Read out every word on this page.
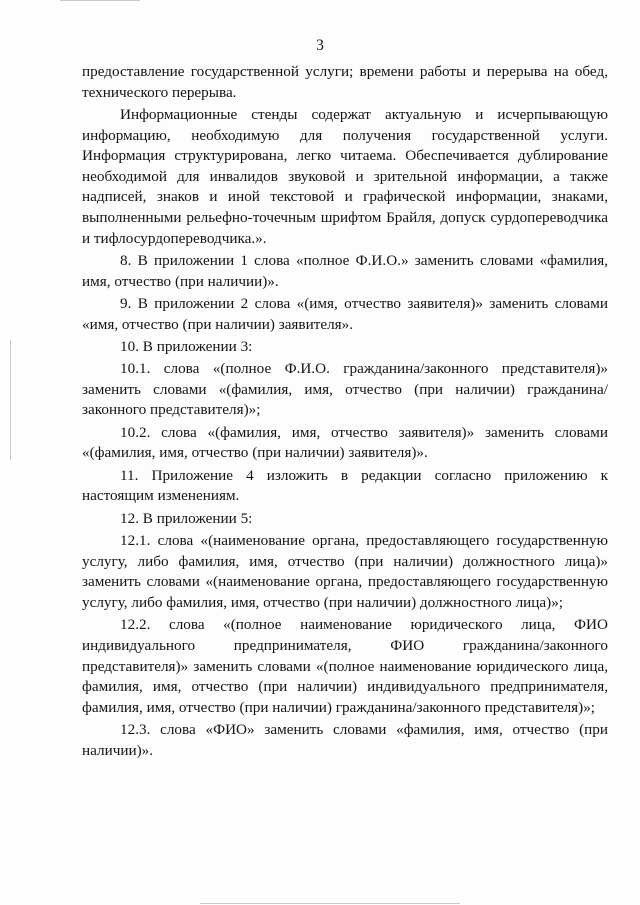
3

предоставление государственной услуги; времени работы и перерыва на обед, технического перерыва.

Информационные стенды содержат актуальную и исчерпывающую информацию, необходимую для получения государственной услуги. Информация структурирована, легко читаема. Обеспечивается дублирование необходимой для инвалидов звуковой и зрительной информации, а также надписей, знаков и иной текстовой и графической информации, знаками, выполненными рельефно-точечным шрифтом Брайля, допуск сурдопереводчика и тифлосурдопереводчика.».

8. В приложении 1 слова «полное Ф.И.О.» заменить словами «фамилия, имя, отчество (при наличии)».

9. В приложении 2 слова «(имя, отчество заявителя)» заменить словами «имя, отчество (при наличии) заявителя».

10. В приложении 3:

10.1. слова «(полное Ф.И.О. гражданина/законного представителя)» заменить словами «(фамилия, имя, отчество (при наличии) гражданина/законного представителя)»;

10.2. слова «(фамилия, имя, отчество заявителя)» заменить словами «(фамилия, имя, отчество (при наличии) заявителя)».

11. Приложение 4 изложить в редакции согласно приложению к настоящим изменениям.

12. В приложении 5:

12.1. слова «(наименование органа, предоставляющего государственную услугу, либо фамилия, имя, отчество (при наличии) должностного лица)» заменить словами «(наименование органа, предоставляющего государственную услугу, либо фамилия, имя, отчество (при наличии) должностного лица)»;

12.2. слова «(полное наименование юридического лица, ФИО индивидуального предпринимателя, ФИО гражданина/законного представителя)» заменить словами «(полное наименование юридического лица, фамилия, имя, отчество (при наличии) индивидуального предпринимателя, фамилия, имя, отчество (при наличии) гражданина/законного представителя)»;

12.3. слова «ФИО» заменить словами «фамилия, имя, отчество (при наличии)».
